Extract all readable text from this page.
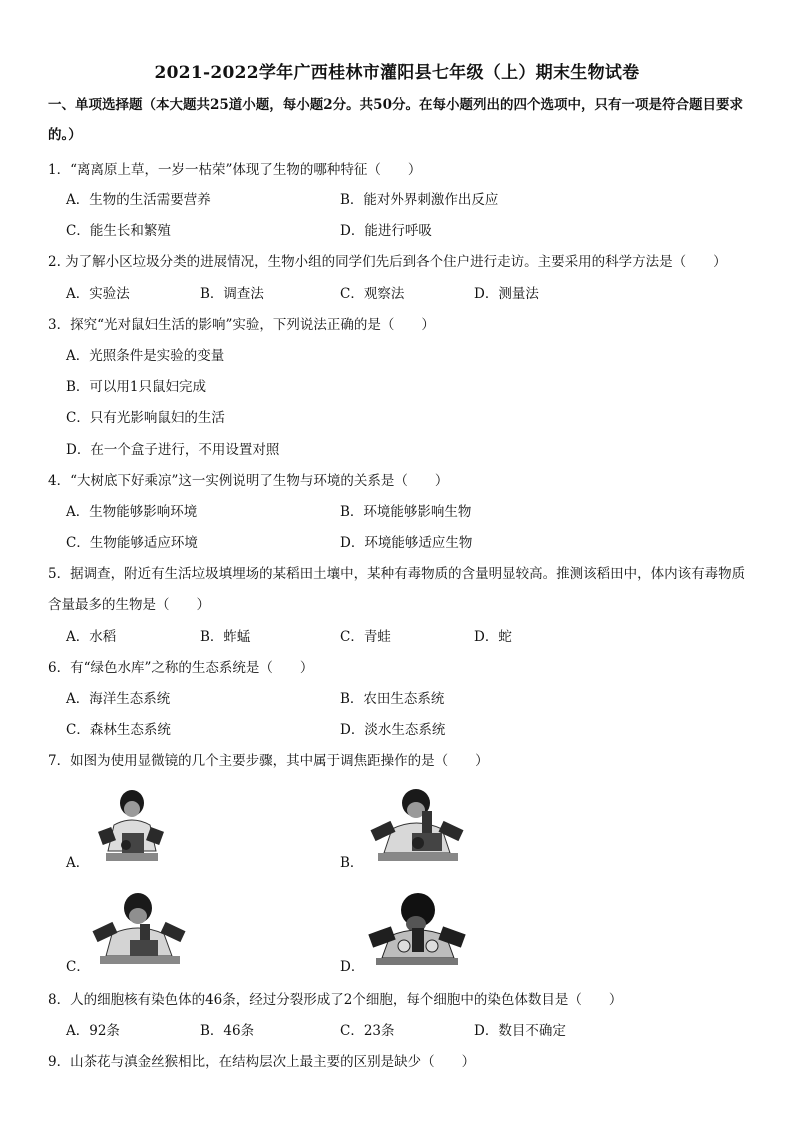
2021-2022学年广西桂林市灌阳县七年级（上）期末生物试卷
一、单项选择题（本大题共25道小题，每小题2分。共50分。在每小题列出的四个选项中，只有一项是符合题目要求的。）
1．“离离原上草，一岁一枯荣”体现了生物的哪种特征（　　）
A．生物的生活需要营养	B．能对外界刺激作出反应
C．能生长和繁殖	D．能进行呼吸
2. 为了解小区垃圾分类的进展情况，生物小组的同学们先后到各个住户进行走访。主要采用的科学方法是（　　）
A．实验法	B．调查法	C．观察法	D．测量法
3．探究“光对鼠妇生活的影响”实验，下列说法正确的是（　　）
A．光照条件是实验的变量
B．可以用1只鼠妇完成
C．只有光影响鼠妇的生活
D．在一个盒子进行，不用设置对照
4．“大树底下好乘凉”这一实例说明了生物与环境的关系是（　　）
A．生物能够影响环境	B．环境能够影响生物
C．生物能够适应环境	D．环境能够适应生物
5．据调查，附近有生活垃圾填埋场的某稻田土壤中，某种有毒物质的含量明显较高。推测该稻田中，体内该有毒物质含量最多的生物是（　　）
A．水稻	B．蚱蜢	C．青蛙	D．蛇
6．有“绿色水库”之称的生态系统是（　　）
A．海洋生态系统	B．农田生态系统
C．森林生态系统	D．淡水生态系统
7．如图为使用显微镜的几个主要步骤，其中属于调焦距操作的是（　　）
A．	B．
C．	D．
8．人的细胞核有染色体的46条，经过分裂形成了2个细胞，每个细胞中的染色体数目是（　　）
A．92条	B．46条	C．23条	D．数目不确定
9．山茶花与滇金丝猴相比，在结构层次上最主要的区别是缺少（　　）
